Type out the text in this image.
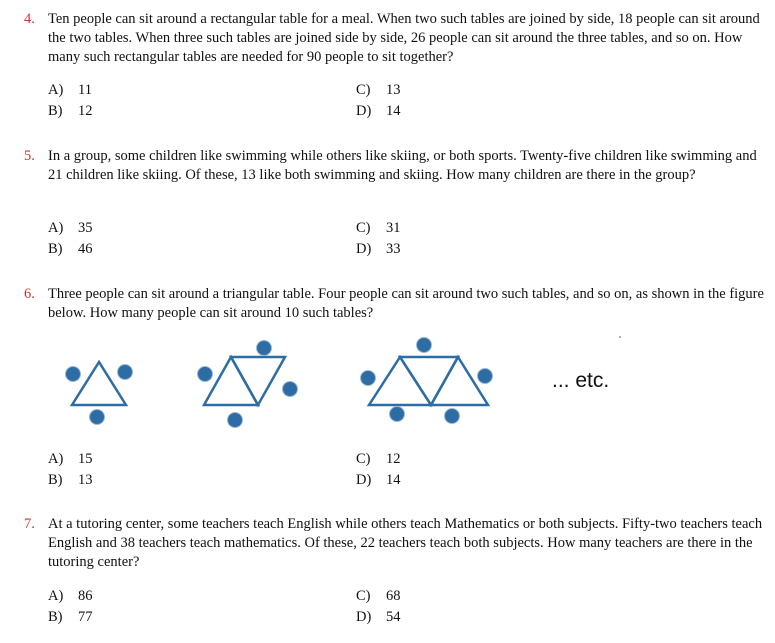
4. Ten people can sit around a rectangular table for a meal. When two such tables are joined by side, 18 people can sit around the two tables. When three such tables are joined side by side, 26 people can sit around the three tables, and so on. How many such rectangular tables are needed for 90 people to sit together?
A) 11
B) 12
C) 13
D) 14
5. In a group, some children like swimming while others like skiing, or both sports. Twenty-five children like swimming and 21 children like skiing. Of these, 13 like both swimming and skiing. How many children are there in the group?
A) 35
B) 46
C) 31
D) 33
6. Three people can sit around a triangular table. Four people can sit around two such tables, and so on, as shown in the figure below. How many people can sit around 10 such tables?
A) 15
B) 13
C) 12
D) 14
... etc.
7. At a tutoring center, some teachers teach English while others teach Mathematics or both subjects. Fifty-two teachers teach English and 38 teachers teach mathematics. Of these, 22 teachers teach both subjects. How many teachers are there in the tutoring center?
A) 86
B) 77
C) 68
D) 54
